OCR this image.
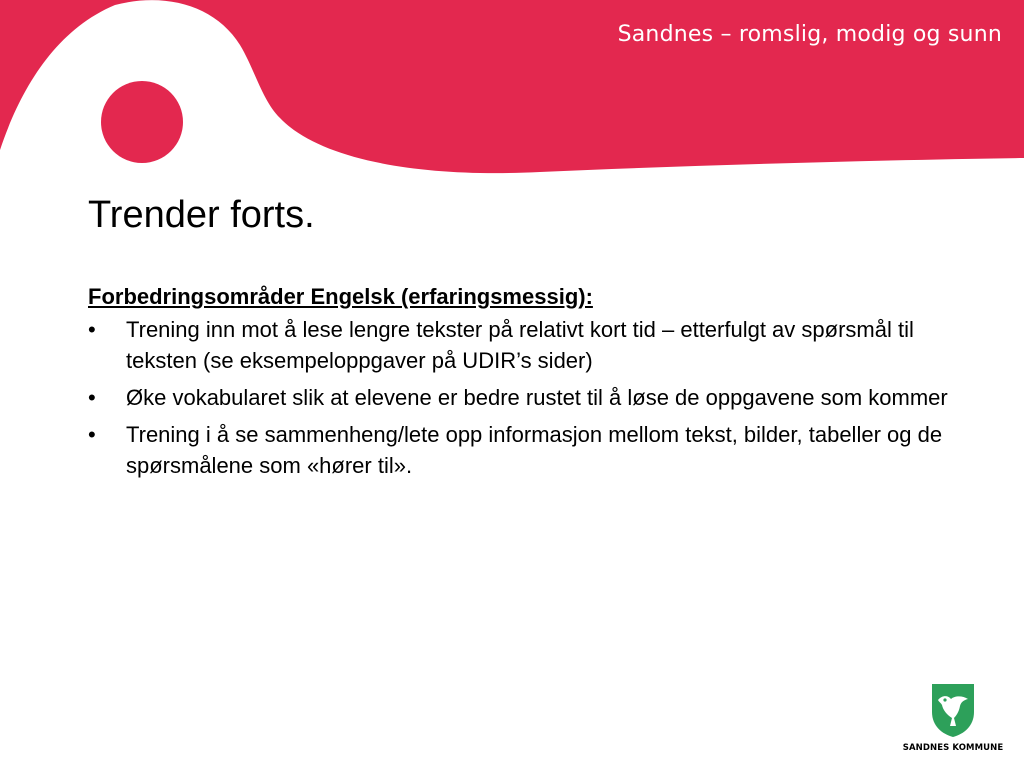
Sandnes – romslig, modig og sunn
Trender forts.
Forbedringsområder Engelsk (erfaringsmessig):
• Trening inn mot å lese lengre tekster på relativt kort tid – etterfulgt av spørsmål til teksten (se eksempeloppgaver på UDIR’s sider)
• Øke vokabularet slik at elevene er bedre rustet til å løse de oppgavene som kommer
• Trening i å se sammenheng/lete opp informasjon mellom tekst, bilder, tabeller og de spørsmålene som «hører til».
SANDNES KOMMUNE
